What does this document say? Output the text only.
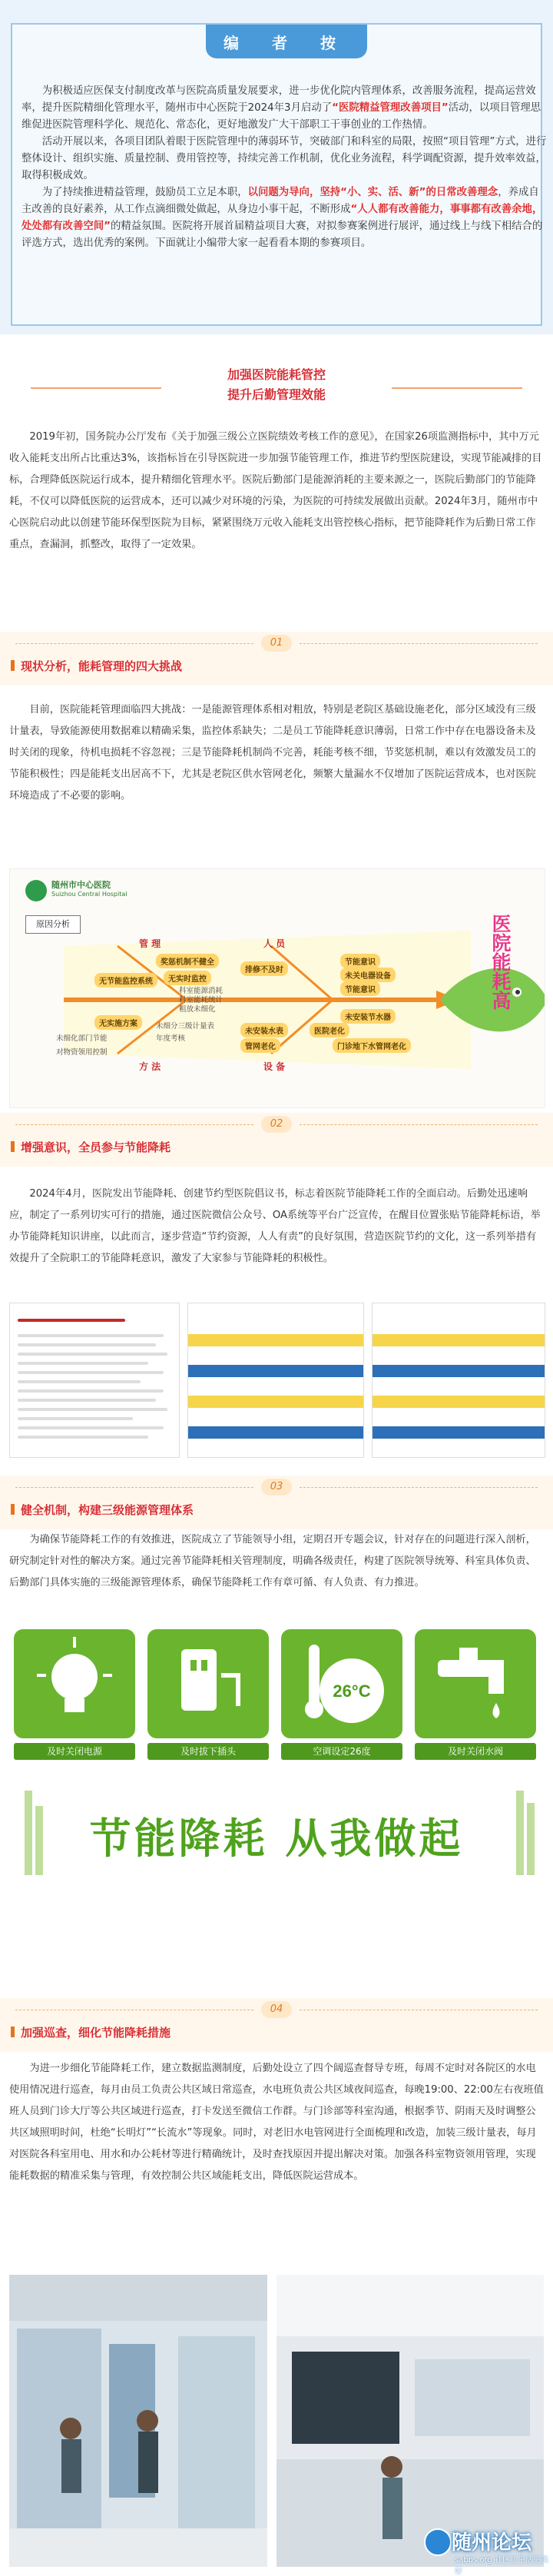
编 者 按

为积极适应医保支付制度改革与医院高质量发展要求，进一步优化院内管理体系，改善服务流程，提高运营效率，提升医院精细化管理水平，随州市中心医院于2024年3月启动了“医院精益管理改善项目”活动，以项目管理思维促进医院管理科学化、规范化、常态化，更好地激发广大干部职工干事创业的工作热情。

活动开展以来，各项目团队着眼于医院管理中的薄弱环节，突破部门和科室的局限，按照“项目管理”方式，进行整体设计、组织实施、质量控制、费用管控等，持续完善工作机制，优化业务流程，科学调配资源，提升效率效益，取得积极成效。

为了持续推进精益管理，鼓励员工立足本职，以问题为导向，坚持“小、实、活、新”的日常改善理念，养成自主改善的良好素养，从工作点滴细微处做起，从身边小事干起，不断形成“人人都有改善能力，事事都有改善余地，处处都有改善空间”的精益氛围。医院将开展首届精益项目大赛，对拟参赛案例进行展评，通过线上与线下相结合的评选方式，选出优秀的案例。下面就让小编带大家一起看看本期的参赛项目。

加强医院能耗管控
提升后勤管理效能

2019年初，国务院办公厅发布《关于加强三级公立医院绩效考核工作的意见》，在国家26项监测指标中，其中万元收入能耗支出所占比重达3%，该指标旨在引导医院进一步加强节能管理工作，推进节约型医院建设，实现节能减排的目标，合理降低医院运行成本，提升精细化管理水平。医院后勤部门是能源消耗的主要来源之一，医院后勤部门的节能降耗，不仅可以降低医院的运营成本，还可以减少对环境的污染，为医院的可持续发展做出贡献。2024年3月，随州市中心医院启动此以创建节能环保型医院为目标，紧紧围绕万元收入能耗支出管控核心指标，把节能降耗作为后勤日常工作重点，查漏洞，抓整改，取得了一定效果。

01
现状分析，能耗管理的四大挑战

目前，医院能耗管理面临四大挑战：一是能源管理体系相对粗放，特别是老院区基础设施老化，部分区域没有三级计量表，导致能源使用数据难以精确采集，监控体系缺失；二是员工节能降耗意识薄弱，日常工作中存在电器设备未及时关闭的现象，待机电损耗不容忽视；三是节能降耗机制尚不完善，耗能考核不细，节奖惩机制，难以有效激发员工的节能积极性；四是能耗支出居高不下，尤其是老院区供水管网老化，频繁大量漏水不仅增加了医院运营成本，也对医院环境造成了不必要的影响。

随州市中心医院
Suizhou Central Hospital
原因分析	医院能耗高
管 理	人 员
方 法	设 备
奖惩机制不健全
无节能监控系统	无实时监控
科室能源消耗
科室能耗统计
粗放未细化
排修不及时
节能意识
未关电器设备
无实施方案
未细化部门节能	年度考核
对物资领用控制
未细分三级计量表
节能意识
未安装节水器
未安装水表	医院老化
管网老化	门诊地下水管网老化
02
增强意识，全员参与节能降耗

2024年4月，医院发出节能降耗、创建节约型医院倡议书，标志着医院节能降耗工作的全面启动。后勤处迅速响应，制定了一系列切实可行的措施，通过医院微信公众号、OA系统等平台广泛宣传，在醒目位置张贴节能降耗标语，举办节能降耗知识讲座，以此而言，逐步营造“节约资源，人人有责”的良好氛围，营造医院节约的文化，这一系列举措有效提升了全院职工的节能降耗意识，激发了大家参与节能降耗的积极性。

03
健全机制，构建三级能源管理体系

为确保节能降耗工作的有效推进，医院成立了节能领导小组，定期召开专题会议，针对存在的问题进行深入剖析，研究制定针对性的解决方案。通过完善节能降耗相关管理制度，明确各级责任，构建了医院领导统筹、科室具体负责、后勤部门具体实施的三级能源管理体系，确保节能降耗工作有章可循、有人负责、有力推进。

及时关闭电源	及时拔下插头
26°C
空调设定26度	及时关闭水阀
节能降耗 从我做起
04
加强巡查，细化节能降耗措施

为进一步细化节能降耗工作，建立数据监测制度，后勤处设立了四个阔巡查督导专班，每周不定时对各院区的水电使用情况进行巡查，每月由员工负责公共区域日常巡查，水电班负责公共区域夜间巡查，每晚19:00、22:00左右夜班值班人员到门诊大厅等公共区域进行巡查，打卡发送至微信工作群。与门诊部等科室沟通，根据季节、阴雨天及时调整公共区域照明时间，杜绝“长明灯”“长流水”等现象。同时，对老旧水电管网进行全面梳理和改造，加装三级计量表，每月对医院各科室用电、用水和办公耗材等进行精确统计，及时查找原因并提出解决对策。加强各科室物资领用管理，实现能耗数据的精准采集与管理，有效控制公共区域能耗支出，降低医院运营成本。

随州论坛
sabbs.org 社区让生活更美好
